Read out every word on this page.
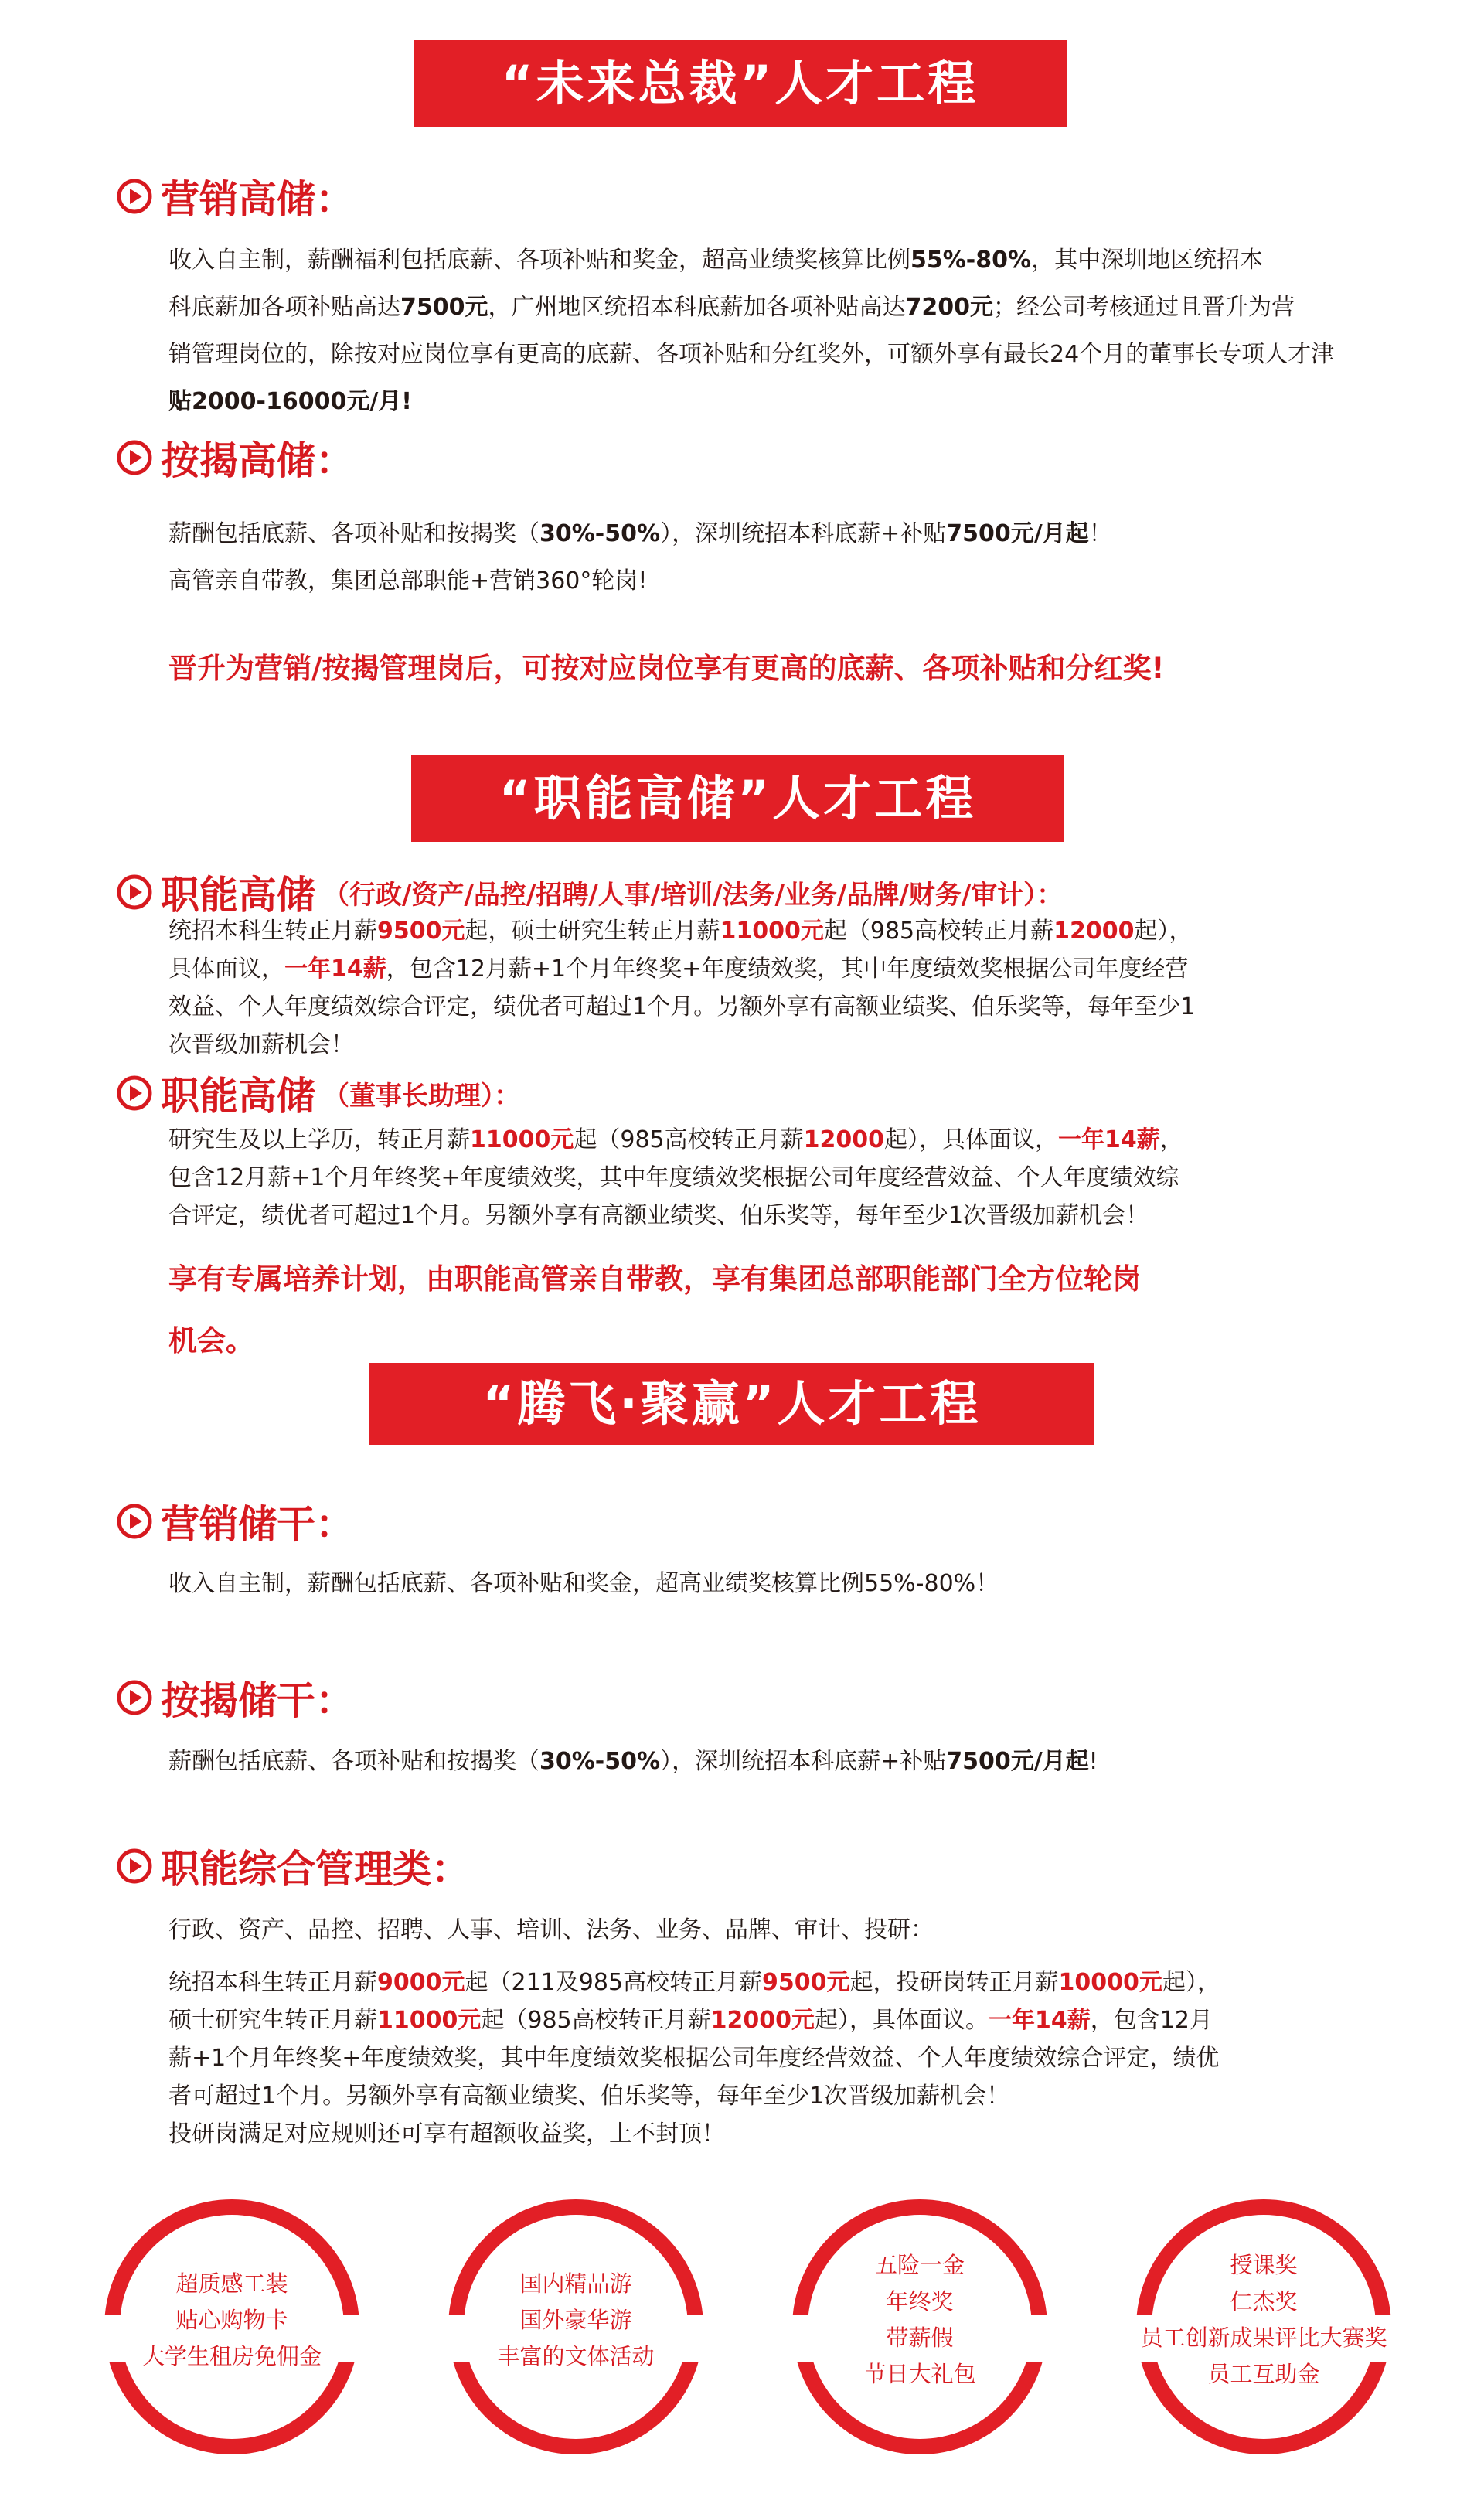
“未来总裁”人才工程
营销高储：
收入自主制，薪酬福利包括底薪、各项补贴和奖金，超高业绩奖核算比例55%-80%，其中深圳地区统招本
科底薪加各项补贴高达7500元，广州地区统招本科底薪加各项补贴高达7200元；经公司考核通过且晋升为营
销管理岗位的，除按对应岗位享有更高的底薪、各项补贴和分红奖外，可额外享有最长24个月的董事长专项人才津
贴2000-16000元/月!
按揭高储：
薪酬包括底薪、各项补贴和按揭奖（30%-50%），深圳统招本科底薪+补贴7500元/月起！
高管亲自带教，集团总部职能+营销360°轮岗!
晋升为营销/按揭管理岗后，可按对应岗位享有更高的底薪、各项补贴和分红奖!
“职能高储”人才工程
职能高储 （行政/资产/品控/招聘/人事/培训/法务/业务/品牌/财务/审计）：
统招本科生转正月薪9500元起，硕士研究生转正月薪11000元起（985高校转正月薪12000起），
具体面议，一年14薪，包含12月薪+1个月年终奖+年度绩效奖，其中年度绩效奖根据公司年度经营
效益、个人年度绩效综合评定，绩优者可超过1个月。另额外享有高额业绩奖、伯乐奖等，每年至少1
次晋级加薪机会！
职能高储 （董事长助理）：
研究生及以上学历，转正月薪11000元起（985高校转正月薪12000起），具体面议，一年14薪，
包含12月薪+1个月年终奖+年度绩效奖，其中年度绩效奖根据公司年度经营效益、个人年度绩效综
合评定，绩优者可超过1个月。另额外享有高额业绩奖、伯乐奖等，每年至少1次晋级加薪机会！
享有专属培养计划，由职能高管亲自带教，享有集团总部职能部门全方位轮岗
机会。
“腾飞·聚赢”人才工程
营销储干：
收入自主制，薪酬包括底薪、各项补贴和奖金，超高业绩奖核算比例55%-80%！
按揭储干：
薪酬包括底薪、各项补贴和按揭奖（30%-50%），深圳统招本科底薪+补贴7500元/月起!
职能综合管理类：
行政、资产、品控、招聘、人事、培训、法务、业务、品牌、审计、投研：
统招本科生转正月薪9000元起（211及985高校转正月薪9500元起，投研岗转正月薪10000元起），
硕士研究生转正月薪11000元起（985高校转正月薪12000元起），具体面议。一年14薪，包含12月
薪+1个月年终奖+年度绩效奖，其中年度绩效奖根据公司年度经营效益、个人年度绩效综合评定，绩优
者可超过1个月。另额外享有高额业绩奖、伯乐奖等，每年至少1次晋级加薪机会！
投研岗满足对应规则还可享有超额收益奖，上不封顶！
超质感工装
贴心购物卡
大学生租房免佣金
国内精品游
国外豪华游
丰富的文体活动
五险一金
年终奖
带薪假
节日大礼包
授课奖
仁杰奖
员工创新成果评比大赛奖
员工互助金
